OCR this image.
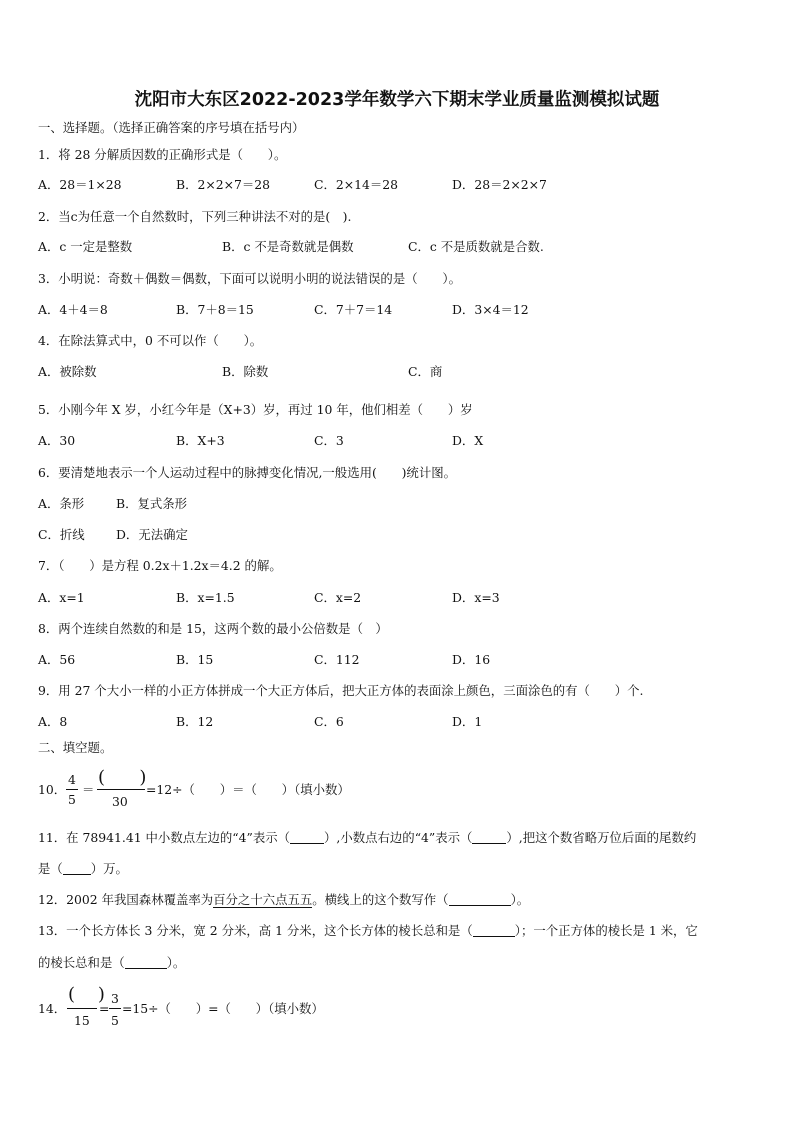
沈阳市大东区2022-2023学年数学六下期末学业质量监测模拟试题
一、选择题。（选择正确答案的序号填在括号内）
1．将 28 分解质因数的正确形式是（　　）。
A．28＝1×28	B．2×2×7＝28	C．2×14＝28	D．28＝2×2×7
2．当c为任意一个自然数时，下列三种讲法不对的是(　).
A．c 一定是整数	B．c 不是奇数就是偶数	C．c 不是质数就是合数.
3．小明说：奇数＋偶数＝偶数，下面可以说明小明的说法错误的是（　　）。
A．4＋4＝8	B．7＋8＝15	C．7＋7＝14	D．3×4＝12
4．在除法算式中，0 不可以作（　　）。
A．被除数	B．除数	C．商
5．小刚今年 X 岁，小红今年是（X+3）岁，再过 10 年，他们相差（　　）岁
A．30	B．X+3	C．3	D．X
6．要清楚地表示一个人运动过程中的脉搏变化情况,一般选用(　　)统计图。
A．条形	B．复式条形
C．折线	D．无法确定
7．（　　）是方程 0.2x＋1.2x＝4.2 的解。
A．x=1	B．x=1.5	C．x=2	D．x=3
8．两个连续自然数的和是 15，这两个数的最小公倍数是（　）
A．56	B．15	C．112	D．16
9．用 27 个大小一样的小正方体拼成一个大正方体后，把大正方体的表面涂上颜色，三面涂色的有（　　）个.
A．8	B．12	C．6	D．1
二、填空题。
10．
4
5
＝
(      )
30
=12÷（　　）＝（　　）（填小数）
11．在 78941.41 中小数点左边的“4”表示（	）,小数点右边的“4”表示（	）,把这个数省略万位后面的尾数约
是（ ）万。
12．2002 年我国森林覆盖率为百分之十六点五五。横线上的这个数写作（	）。
13．一个长方体长 3 分米，宽 2 分米，高 1 分米，这个长方体的棱长总和是（	）；一个正方体的棱长是 1 米，它
的棱长总和是（	）。
14．
(    )
15
=
3
5
=15÷（　　）=（　　）（填小数）
